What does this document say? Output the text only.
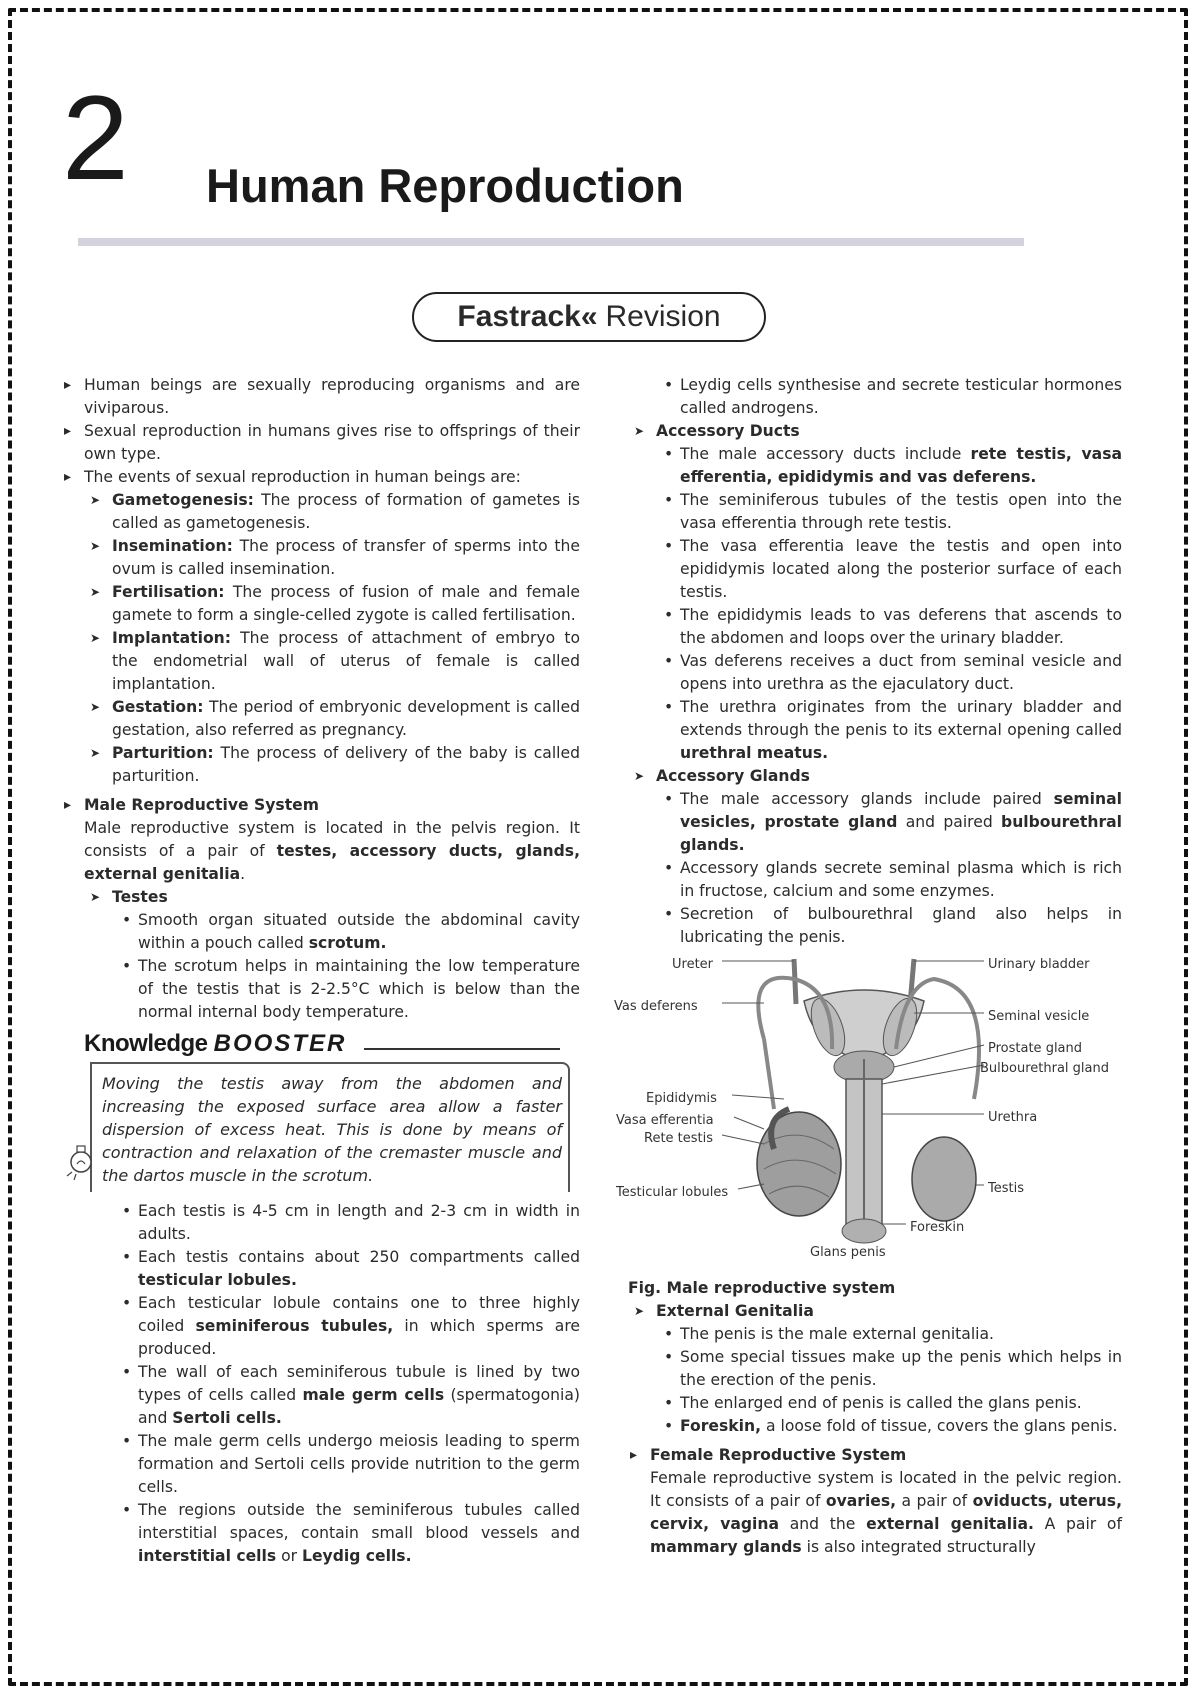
2 Human Reproduction
Fastrack« Revision

▸ Human beings are sexually reproducing organisms and are viviparous.

▸ Sexual reproduction in humans gives rise to offsprings of their own type.

▸ The events of sexual reproduction in human beings are:

➤ Gametogenesis: The process of formation of gametes is called as gametogenesis.

➤ Insemination: The process of transfer of sperms into the ovum is called insemination.

➤ Fertilisation: The process of fusion of male and female gamete to form a single-celled zygote is called fertilisation.

➤ Implantation: The process of attachment of embryo to the endometrial wall of uterus of female is called implantation.

➤ Gestation: The period of embryonic development is called gestation, also referred as pregnancy.

➤ Parturition: The process of delivery of the baby is called parturition.

▸ Male Reproductive System

Male reproductive system is located in the pelvis region. It consists of a pair of testes, accessory ducts, glands, external genitalia.

➤ Testes

• Smooth organ situated outside the abdominal cavity within a pouch called scrotum.

• The scrotum helps in maintaining the low temperature of the testis that is 2-2.5°C which is below than the normal internal body temperature.

Knowledge BOOSTER
Moving the testis away from the abdomen and increasing the exposed surface area allow a faster dispersion of excess heat. This is done by means of contraction and relaxation of the cremaster muscle and the dartos muscle in the scrotum.

• Each testis is 4-5 cm in length and 2-3 cm in width in adults.

• Each testis contains about 250 compartments called testicular lobules.

• Each testicular lobule contains one to three highly coiled seminiferous tubules, in which sperms are produced.

• The wall of each seminiferous tubule is lined by two types of cells called male germ cells (spermatogonia) and Sertoli cells.

• The male germ cells undergo meiosis leading to sperm formation and Sertoli cells provide nutrition to the germ cells.

• The regions outside the seminiferous tubules called interstitial spaces, contain small blood vessels and interstitial cells or Leydig cells.

• Leydig cells synthesise and secrete testicular hormones called androgens.

➤ Accessory Ducts

• The male accessory ducts include rete testis, vasa efferentia, epididymis and vas deferens.

• The seminiferous tubules of the testis open into the vasa efferentia through rete testis.

• The vasa efferentia leave the testis and open into epididymis located along the posterior surface of each testis.

• The epididymis leads to vas deferens that ascends to the abdomen and loops over the urinary bladder.

• Vas deferens receives a duct from seminal vesicle and opens into urethra as the ejaculatory duct.

• The urethra originates from the urinary bladder and extends through the penis to its external opening called urethral meatus.

➤ Accessory Glands

• The male accessory glands include paired seminal vesicles, prostate gland and paired bulbourethral glands.

• Accessory glands secrete seminal plasma which is rich in fructose, calcium and some enzymes.

• Secretion of bulbourethral gland also helps in lubricating the penis.

Ureter	Urinary bladder
Vas deferens
Seminal vesicle
Prostate gland
Bulbourethral gland
Epididymis
Vasa efferentia
Rete testis
Urethra
Testicular lobules	Testis
Foreskin
Glans penis

Fig. Male reproductive system

➤ External Genitalia

• The penis is the male external genitalia.

• Some special tissues make up the penis which helps in the erection of the penis.

• The enlarged end of penis is called the glans penis.

• Foreskin, a loose fold of tissue, covers the glans penis.

▸ Female Reproductive System

Female reproductive system is located in the pelvic region. It consists of a pair of ovaries, a pair of oviducts, uterus, cervix, vagina and the external genitalia. A pair of mammary glands is also integrated structurally
